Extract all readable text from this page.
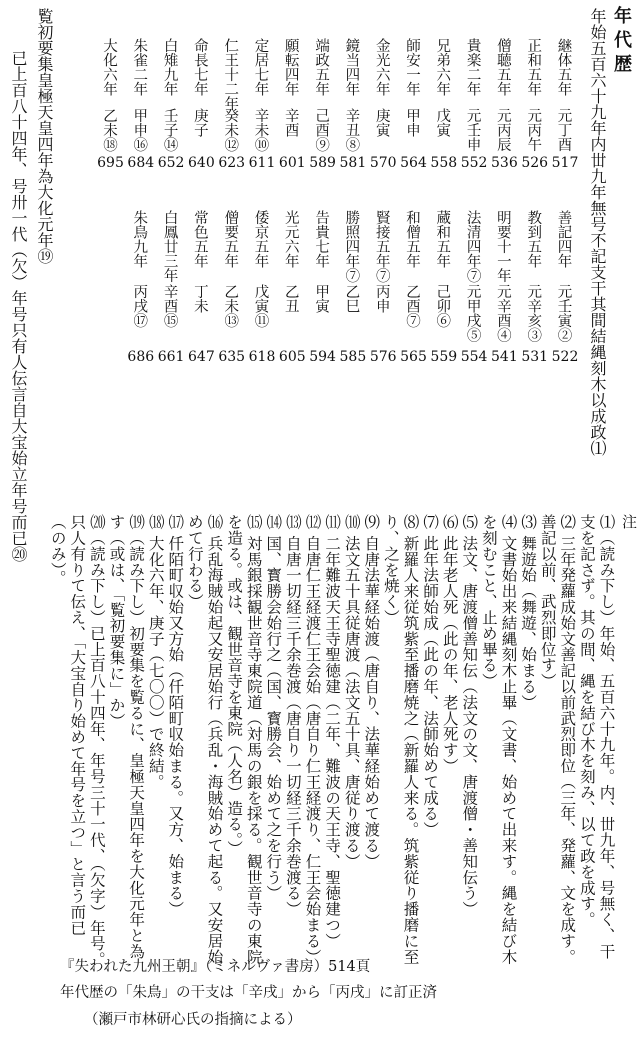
年代歴
年始五百六十九年内丗九年無号不記支干其間結縄刻木以成政⑴
継体五年
元丁酉
517
善記四年
元壬寅②
522
正和五年
元丙午
526
教到五年
元辛亥③
531
僧聴五年
元丙辰
536
明要十一年
元辛酉④
541
貴楽二年
元壬申
552
法清四年⑦
元甲戌⑤
554
兄弟六年
戊寅
558
蔵和五年
己卯⑥
559
師安一年
甲申
564
和僧五年
乙酉⑦
565
金光六年
庚寅
570
賢接五年⑦
丙申
576
鏡当四年
辛丑⑧
581
勝照四年⑦
乙巳
585
端政五年
己酉⑨
589
告貴七年
甲寅
594
願転四年
辛酉
601
光元六年
乙丑
605
定居七年
辛未⑩
611
倭京五年
戊寅⑪
618
仁王十二年
癸未⑫
623
僧要五年
乙未⑬
635
命長七年
庚子
640
常色五年
丁未
647
白雉九年
壬子⑭
652
白鳳廿三年
辛酉⑮
661
朱雀二年
甲申⑯
684
朱鳥九年
丙戌⑰
686
大化六年
乙未⑱
695
覧初要集皇極天皇四年為大化元年⑲
已上百八十四年、号卅一代（欠）年号只有人伝言自大宝始立年号而已⑳	注
⑴（読み下し）年始、五百六十九年。内、丗九年、号無く、干
支を記さず。其の間、縄を結び木を刻み、以て政を成す。
⑵ 三年発蘿成始文善記以前武烈即位（三年、発蘿、文を成す。
善記以前、武烈即位す）
⑶ 舞遊始（舞遊、始まる）
⑷ 文書始出来結縄刻木止畢（文書、始めて出来す。縄を結び木
を刻むこと、止め畢る）
⑸ 法文、唐渡僧善知伝（法文の文、唐渡僧・善知伝う）
⑹ 此年老人死（此の年、老人死す）
⑺ 此年法師始成（此の年、法師始めて成る）
⑻ 新羅人来従筑紫至播磨焼之（新羅人来る。筑紫従り播磨に至
り、之を焼く）
⑼ 自唐法華経始渡（唐自り、法華経始めて渡る）
⑽ 法文五十具従唐渡（法文五十具、唐従り渡る）
⑾ 二年難波天王寺聖徳建（二年、難波の天王寺、聖徳建つ）
⑿ 自唐仁王経渡仁王会始（唐自り仁王経渡り、仁王会始まる）
⒀ 自唐一切経三千余巻渡（唐自り一切経三千余巻渡る）
⒁ 国、寳勝会始行之（国、寳勝会、始めて之を行う）
⒂ 対馬銀採観世音寺東院道（対馬の銀を採る。観世音寺の東院
を造る。或は、観世音寺を東院（人名）造る。）
⒃ 兵乱海賊始起又安居始行（兵乱・海賊始めて起る。又安居始
めて行わる）
⒄ 仟陌町収始又方始（仟陌町収始まる。又方、始まる）
⒅ 大化六年、庚子（七〇〇）で終結。
⒆（読み下し）初要集を覧るに、皇極天皇四年を大化元年と為
す（或は、「覧初要集に」か）
⒇（読み下し）已上百八十四年、年号三十一代、（欠字）年号。
只人有りて伝え、「大宝自り始めて年号を立つ」と言う而已
（のみ）。
『失われた九州王朝』（ミネルヴァ書房）514頁
年代歴の「朱鳥」の干支は「辛戌」から「丙戌」に訂正済
（瀬戸市林研心氏の指摘による）
